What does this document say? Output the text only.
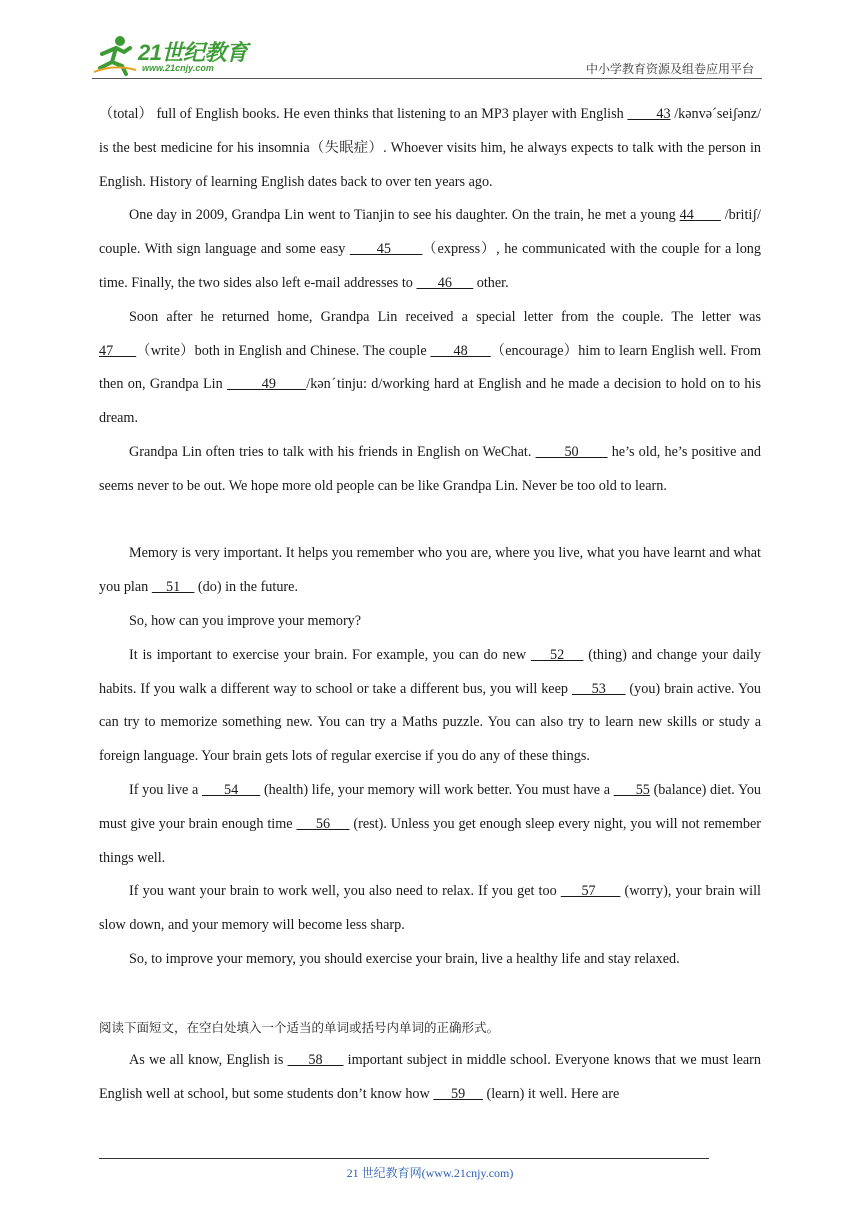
21世纪教育
www.21cnjy.com	中小学教育资源及组卷应用平台

（total） full of English books. He even thinks that listening to an MP3 player with English         43 /kənvəˊseiʃənz/ is the best medicine for his insomnia（失眠症）. Whoever visits him, he always expects to talk with the person in English. History of learning English dates back to over ten years ago.

One day in 2009, Grandpa Lin went to Tianjin to see his daughter. On the train, he met a young 44        /britiʃ/ couple. With sign language and some easy       45       （express）, he communicated with the couple for a long time. Finally, the two sides also left e-mail addresses to       46       other.

Soon after he returned home, Grandpa Lin received a special letter from the couple. The letter was 47      （write）both in English and Chinese. The couple       48      （encourage）him to learn English well. From then on, Grandpa Lin         49       /kənˊtinju: d/working hard at English and he made a decision to hold on to his dream.

Grandpa Lin often tries to talk with his friends in English on WeChat.        50        he’s old, he’s positive and seems never to be out. We hope more old people can be like Grandpa Lin. Never be too old to learn.

Memory is very important. It helps you remember who you are, where you live, what you have learnt and what you plan     51     (do) in the future.

So, how can you improve your memory?

It is important to exercise your brain. For example, you can do new     52     (thing) and change your daily habits. If you walk a different way to school or take a different bus, you will keep      53      (you) brain active. You can try to memorize something new. You can try a Maths puzzle. You can also try to learn new skills or study a foreign language. Your brain gets lots of regular exercise if you do any of these things.

If you live a       54       (health) life, your memory will work better. You must have a       55 (balance) diet. You must give your brain enough time      56      (rest). Unless you get enough sleep every night, you will not remember things well.

If you want your brain to work well, you also need to relax. If you get too      57       (worry), your brain will slow down, and your memory will become less sharp.

So, to improve your memory, you should exercise your brain, live a healthy life and stay relaxed.

阅读下面短文，在空白处填入一个适当的单词或括号内单词的正确形式。

As we all know, English is      58      important subject in middle school. Everyone knows that we must learn English well at school, but some students don’t know how      59      (learn) it well. Here are

21 世纪教育网(www.21cnjy.com)
